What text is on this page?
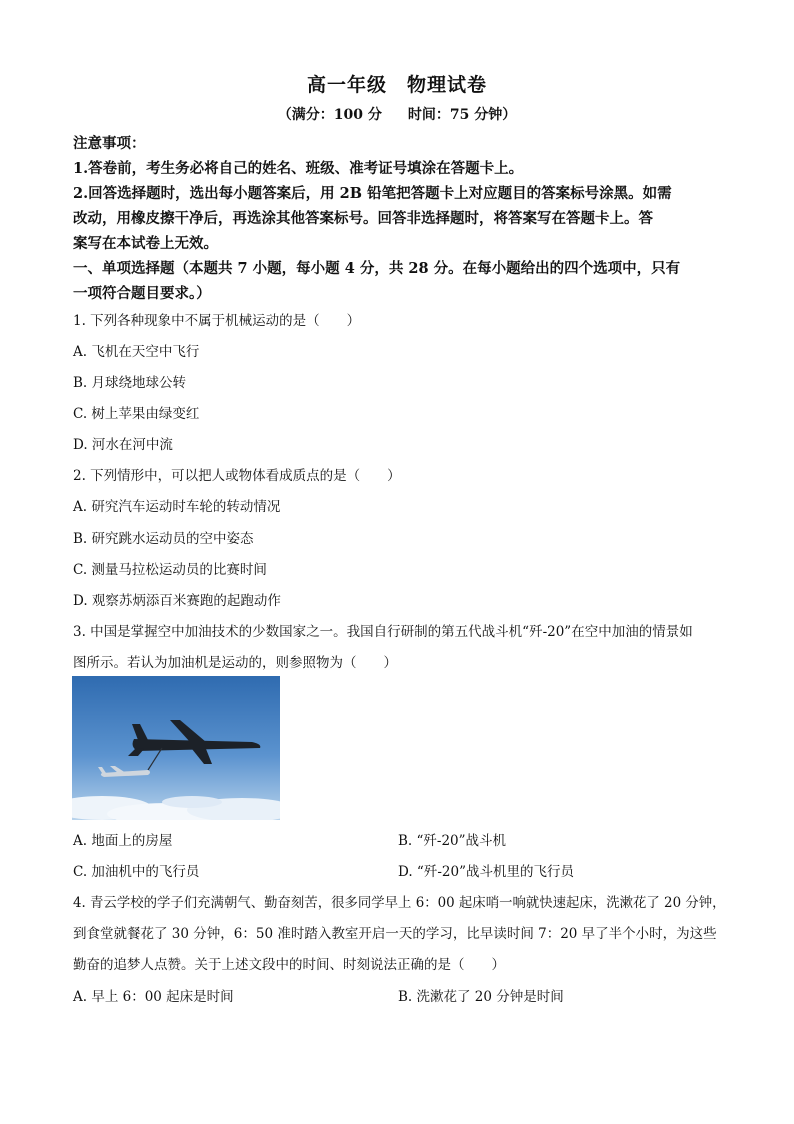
高一年级　物理试卷
（满分：100 分 时间：75 分钟）
注意事项：
1.答卷前，考生务必将自己的姓名、班级、准考证号填涂在答题卡上。
2.回答选择题时，选出每小题答案后，用 2B 铅笔把答题卡上对应题目的答案标号涂黑。如需
改动，用橡皮擦干净后，再选涂其他答案标号。回答非选择题时，将答案写在答题卡上。答
案写在本试卷上无效。
一、单项选择题（本题共 7 小题，每小题 4 分，共 28 分。在每小题给出的四个选项中，只有
一项符合题目要求。）
1. 下列各种现象中不属于机械运动的是（　　）
A. 飞机在天空中飞行
B. 月球绕地球公转
C. 树上苹果由绿变红
D. 河水在河中流
2. 下列情形中，可以把人或物体看成质点的是（　　）
A. 研究汽车运动时车轮的转动情况
B. 研究跳水运动员的空中姿态
C. 测量马拉松运动员的比赛时间
D. 观察苏炳添百米赛跑的起跑动作
3. 中国是掌握空中加油技术的少数国家之一。我国自行研制的第五代战斗机“歼-20”在空中加油的情景如
图所示。若认为加油机是运动的，则参照物为（　　）
A. 地面上的房屋	B. “歼-20”战斗机
C. 加油机中的飞行员	D. “歼-20”战斗机里的飞行员
4. 青云学校的学子们充满朝气、勤奋刻苦，很多同学早上 6：00 起床哨一响就快速起床，洗漱花了 20 分钟，
到食堂就餐花了 30 分钟，6：50 准时踏入教室开启一天的学习，比早读时间 7：20 早了半个小时，为这些
勤奋的追梦人点赞。关于上述文段中的时间、时刻说法正确的是（　　）
A. 早上 6：00 起床是时间	B. 洗漱花了 20 分钟是时间
